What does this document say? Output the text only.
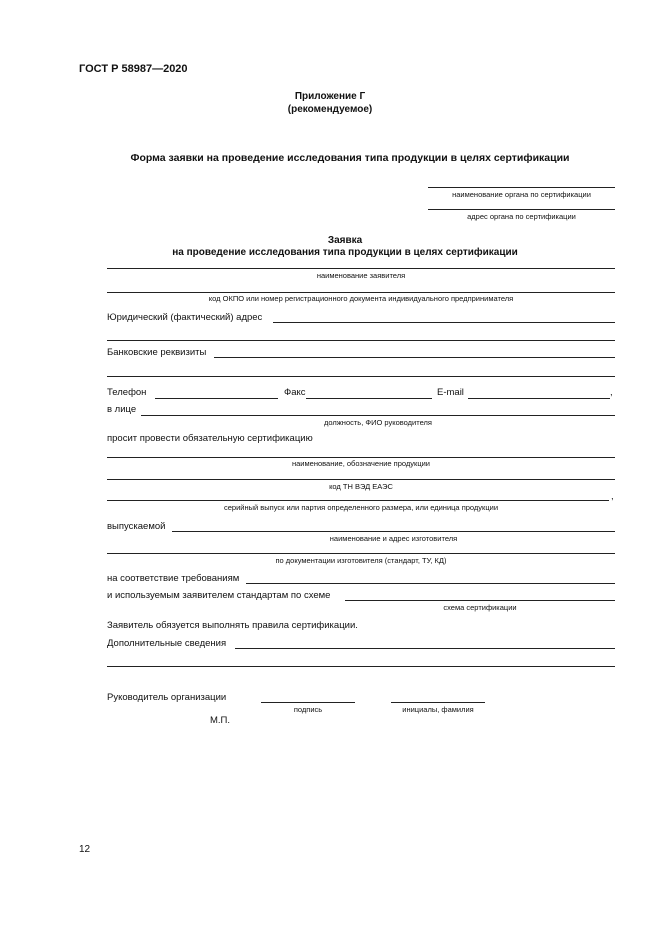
ГОСТ Р 58987—2020
Приложение Г
(рекомендуемое)
Форма заявки на проведение исследования типа продукции в целях сертификации
наименование органа по сертификации
адрес органа по сертификации
Заявка
на проведение исследования типа продукции в целях сертификации
наименование заявителя
код ОКПО или номер регистрационного документа индивидуального предпринимателя
Юридический (фактический) адрес
Банковские реквизиты
Телефон	Факс	E-mail	,
в лице
должность, ФИО руководителя
просит провести обязательную сертификацию
наименование, обозначение продукции
код ТН ВЭД ЕАЭС
,
серийный выпуск или партия определенного размера, или единица продукции
выпускаемой
наименование и адрес изготовителя
по документации изготовителя (стандарт, ТУ, КД)
на соответствие требованиям
и используемым заявителем стандартам по схеме
схема сертификации
Заявитель обязуется выполнять правила сертификации.
Дополнительные сведения
Руководитель организации
подпись	инициалы, фамилия
М.П.
12
